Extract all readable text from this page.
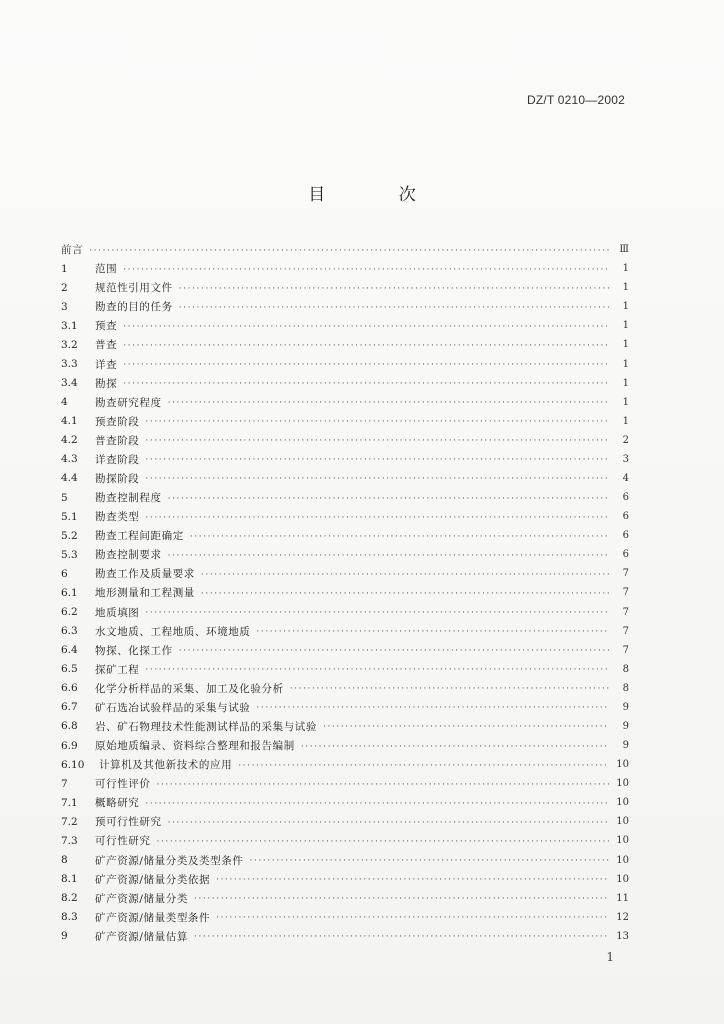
DZ/T 0210—2002
目 次
前言 ·····	Ⅲ
1	范围 ·····	1
2	规范性引用文件 ·····	1
3	勘查的目的任务 ·····	1
3.1	预查 ·····	1
3.2	普查 ·····	1
3.3	详查 ·····	1
3.4	勘探 ·····	1
4	勘查研究程度 ·····	1
4.1	预查阶段 ·····	1
4.2	普查阶段 ·····	2
4.3	详查阶段 ·····	3
4.4	勘探阶段 ·····	4
5	勘查控制程度 ·····	6
5.1	勘查类型 ·····	6
5.2	勘查工程间距确定 ·····	6
5.3	勘查控制要求 ·····	6
6	勘查工作及质量要求 ·····	7
6.1	地形测量和工程测量 ·····	7
6.2	地质填图 ·····	7
6.3	水文地质、工程地质、环境地质 ·····	7
6.4	物探、化探工作 ·····	7
6.5	探矿工程 ·····	8
6.6	化学分析样品的采集、加工及化验分析 ·····	8
6.7	矿石选冶试验样品的采集与试验 ·····	9
6.8	岩、矿石物理技术性能测试样品的采集与试验 ·····	9
6.9	原始地质编录、资料综合整理和报告编制 ·····	9
6.10	计算机及其他新技术的应用 ·····	10
7	可行性评价 ·····	10
7.1	概略研究 ·····	10
7.2	预可行性研究 ·····	10
7.3	可行性研究 ·····	10
8	矿产资源/储量分类及类型条件 ·····	10
8.1	矿产资源/储量分类依据 ·····	10
8.2	矿产资源/储量分类 ·····	11
8.3	矿产资源/储量类型条件 ·····	12
9	矿产资源/储量估算 ·····	13
1
